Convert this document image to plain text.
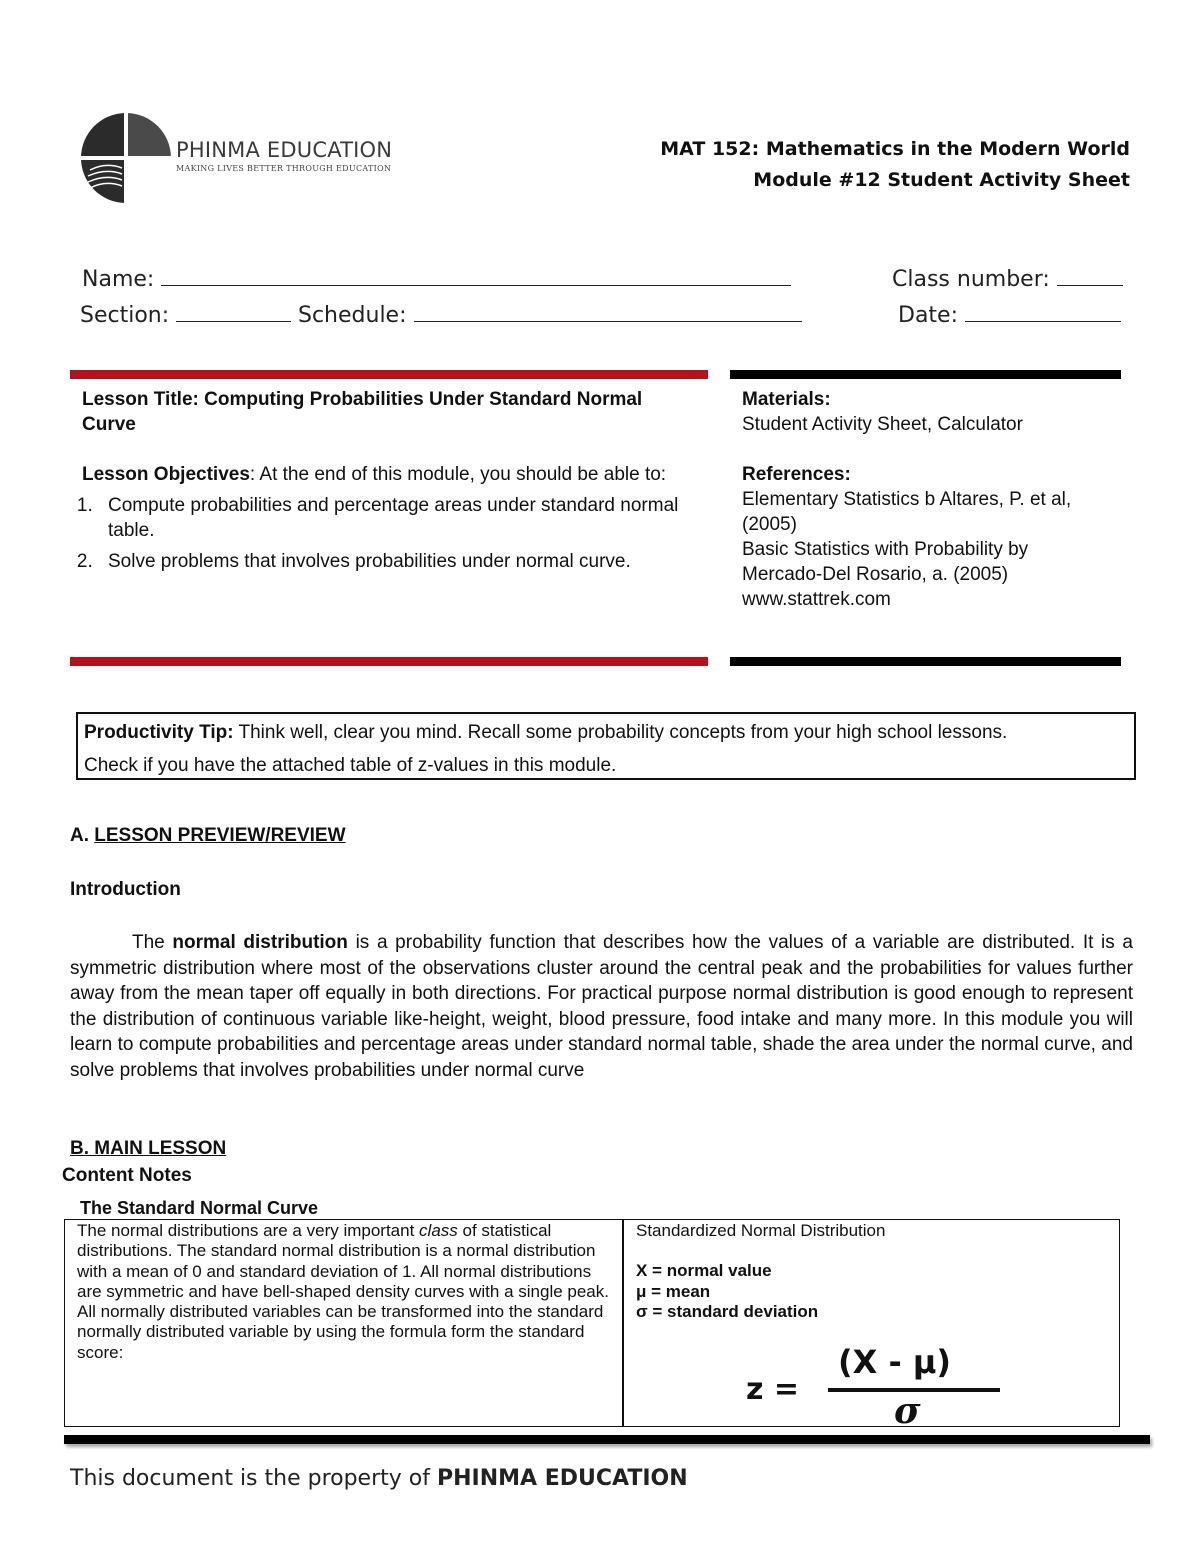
PHINMA EDUCATION
MAKING LIVES BETTER THROUGH EDUCATION
MAT 152: Mathematics in the Modern World
Module #12 Student Activity Sheet
Name:	Class number:
Section:	Schedule:	Date:
Lesson Title: Computing Probabilities Under Standard Normal Curve
Lesson Objectives: At the end of this module, you should be able to:
1. Compute probabilities and percentage areas under standard normal table.
2. Solve problems that involves probabilities under normal curve.
Materials:
Student Activity Sheet, Calculator
References:
Elementary Statistics b Altares, P. et al, (2005)
Basic Statistics with Probability by Mercado-Del Rosario, a. (2005)
www.stattrek.com
Productivity Tip: Think well, clear you mind. Recall some probability concepts from your high school lessons.
Check if you have the attached table of z-values in this module.
A. LESSON PREVIEW/REVIEW
Introduction
The normal distribution is a probability function that describes how the values of a variable are distributed. It is a symmetric distribution where most of the observations cluster around the central peak and the probabilities for values further away from the mean taper off equally in both directions. For practical purpose normal distribution is good enough to represent the distribution of continuous variable like-height, weight, blood pressure, food intake and many more. In this module you will learn to compute probabilities and percentage areas under standard normal table, shade the area under the normal curve, and solve problems that involves probabilities under normal curve
B. MAIN LESSON
Content Notes
The Standard Normal Curve
The normal distributions are a very important class of statistical distributions. The standard normal distribution is a normal distribution with a mean of 0 and standard deviation of 1. All normal distributions are symmetric and have bell-shaped density curves with a single peak. All normally distributed variables can be transformed into the standard normally distributed variable by using the formula form the standard score:
Standardized Normal Distribution
X = normal value
μ = mean
σ = standard deviation
z =
(X - μ)
σ
This document is the property of PHINMA EDUCATION
